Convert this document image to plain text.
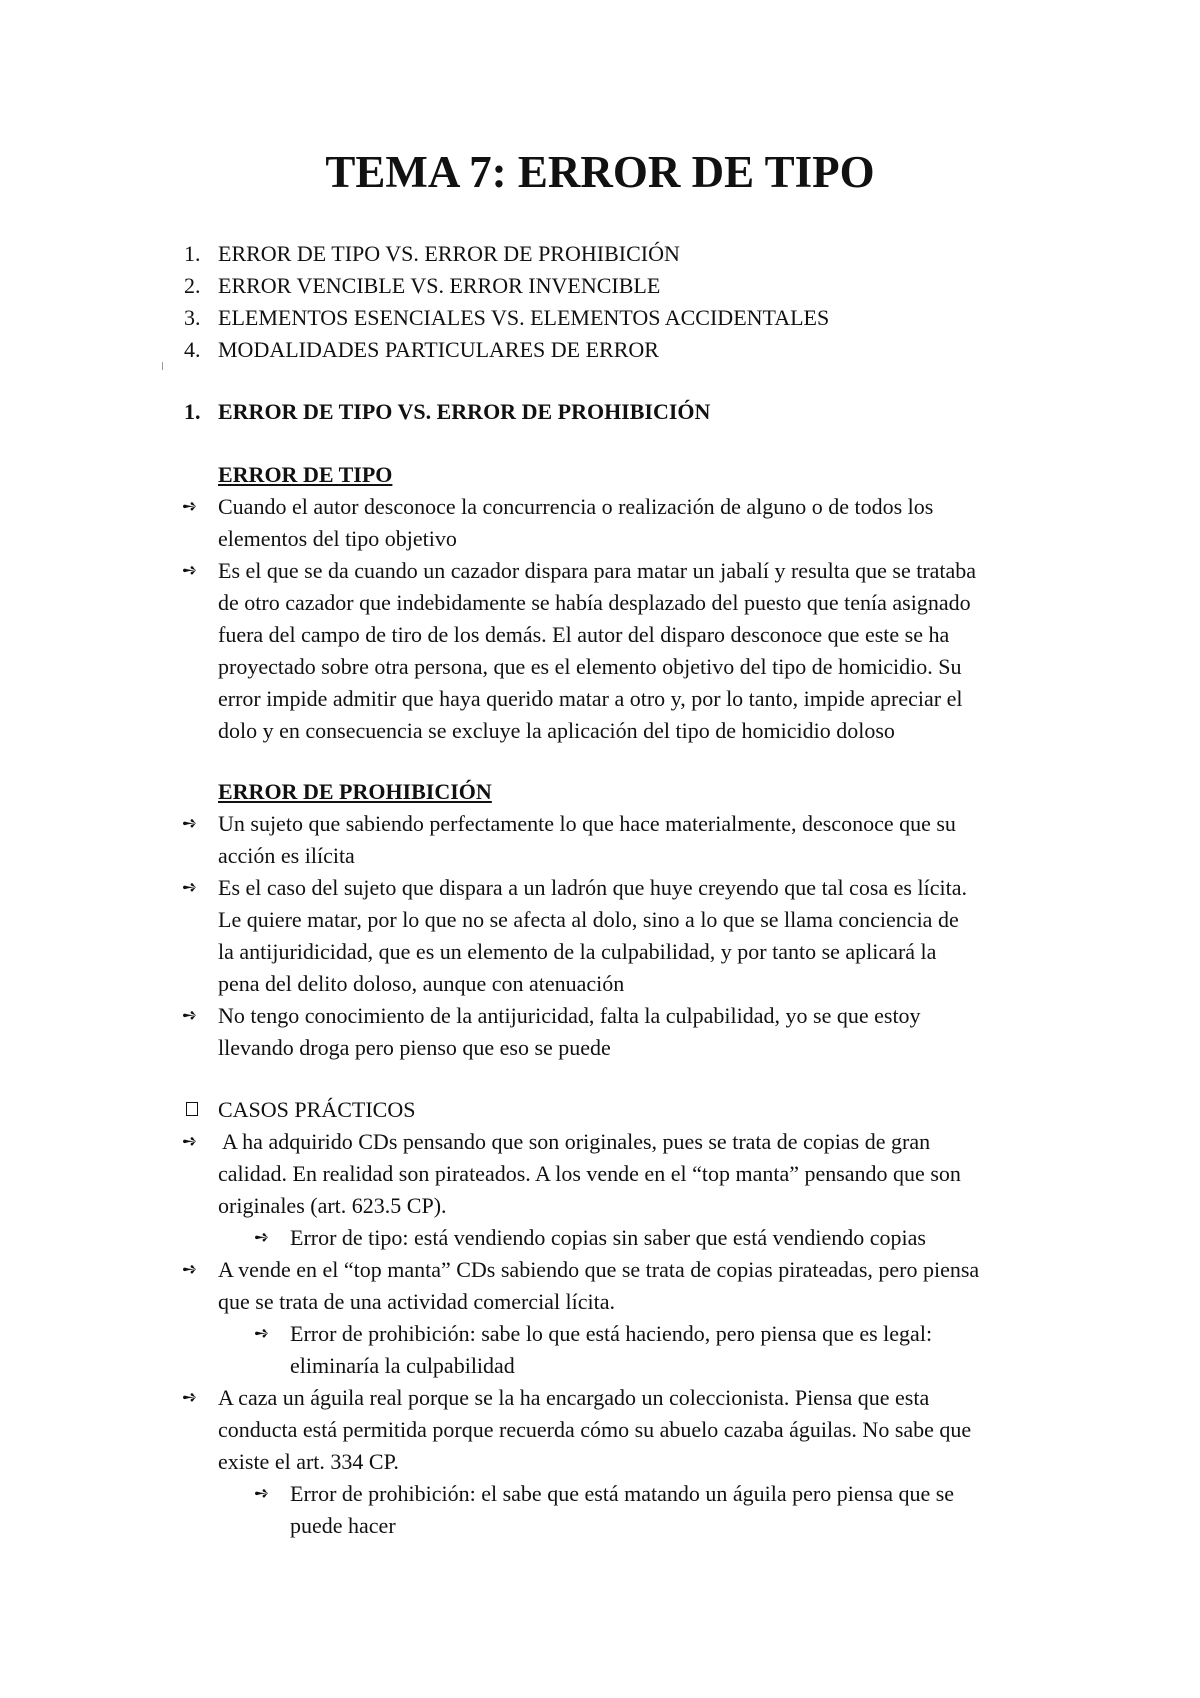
TEMA 7: ERROR DE TIPO
1. ERROR DE TIPO VS. ERROR DE PROHIBICIÓN
2. ERROR VENCIBLE VS. ERROR INVENCIBLE
3. ELEMENTOS ESENCIALES VS. ELEMENTOS ACCIDENTALES
4. MODALIDADES PARTICULARES DE ERROR
1. ERROR DE TIPO VS. ERROR DE PROHIBICIÓN
ERROR DE TIPO
➺ Cuando el autor desconoce la concurrencia o realización de alguno o de todos los
elementos del tipo objetivo
➺ Es el que se da cuando un cazador dispara para matar un jabalí y resulta que se trataba
de otro cazador que indebidamente se había desplazado del puesto que tenía asignado
fuera del campo de tiro de los demás. El autor del disparo desconoce que este se ha
proyectado sobre otra persona, que es el elemento objetivo del tipo de homicidio. Su
error impide admitir que haya querido matar a otro y, por lo tanto, impide apreciar el
dolo y en consecuencia se excluye la aplicación del tipo de homicidio doloso
ERROR DE PROHIBICIÓN
➺ Un sujeto que sabiendo perfectamente lo que hace materialmente, desconoce que su
acción es ilícita
➺ Es el caso del sujeto que dispara a un ladrón que huye creyendo que tal cosa es lícita.
Le quiere matar, por lo que no se afecta al dolo, sino a lo que se llama conciencia de
la antijuridicidad, que es un elemento de la culpabilidad, y por tanto se aplicará la
pena del delito doloso, aunque con atenuación
➺ No tengo conocimiento de la antijuricidad, falta la culpabilidad, yo se que estoy
llevando droga pero pienso que eso se puede
CASOS PRÁCTICOS
➺ A ha adquirido CDs pensando que son originales, pues se trata de copias de gran
calidad. En realidad son pirateados. A los vende en el “top manta” pensando que son
originales (art. 623.5 CP).
➺ Error de tipo: está vendiendo copias sin saber que está vendiendo copias
➺ A vende en el “top manta” CDs sabiendo que se trata de copias pirateadas, pero piensa
que se trata de una actividad comercial lícita.
➺ Error de prohibición: sabe lo que está haciendo, pero piensa que es legal:
eliminaría la culpabilidad
➺ A caza un águila real porque se la ha encargado un coleccionista. Piensa que esta
conducta está permitida porque recuerda cómo su abuelo cazaba águilas. No sabe que
existe el art. 334 CP.
➺ Error de prohibición: el sabe que está matando un águila pero piensa que se
puede hacer
